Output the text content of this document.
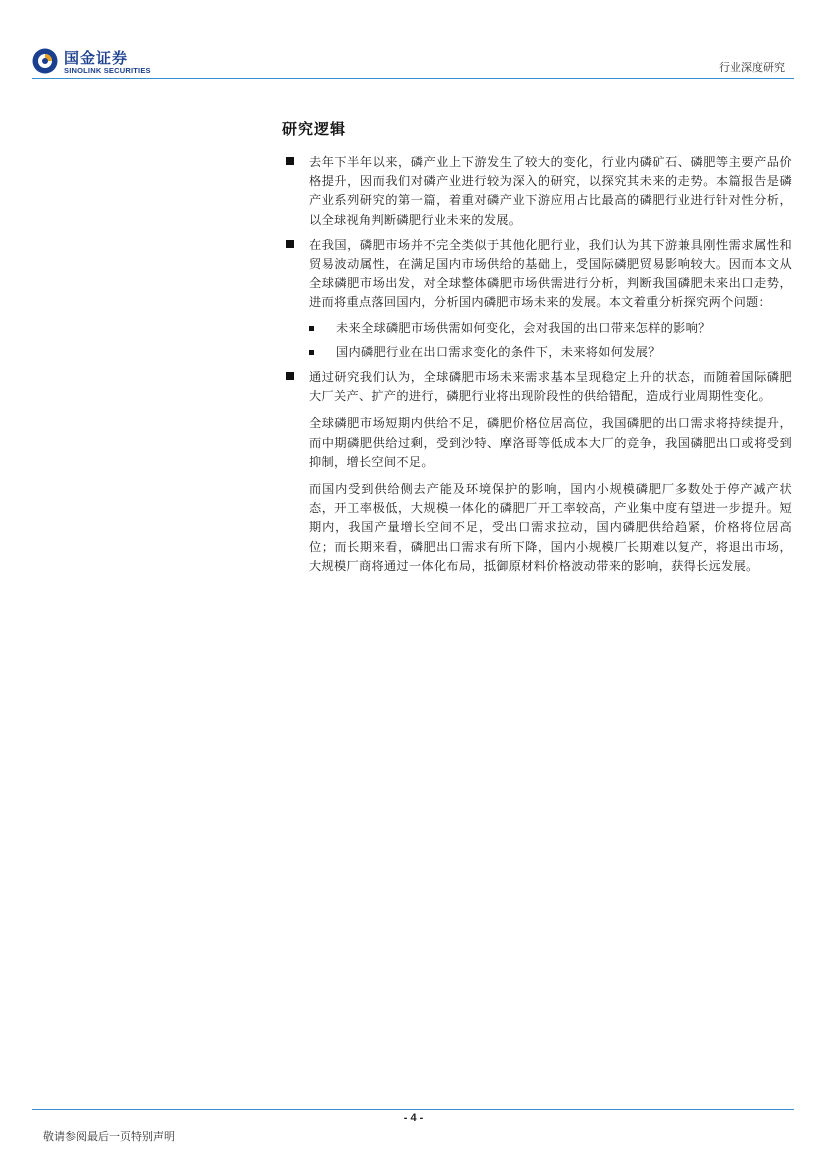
国金证券
SINOLINK SECURITIES	行业深度研究
研究逻辑

去年下半年以来，磷产业上下游发生了较大的变化，行业内磷矿石、磷肥等主要产品价格提升，因而我们对磷产业进行较为深入的研究，以探究其未来的走势。本篇报告是磷产业系列研究的第一篇，着重对磷产业下游应用占比最高的磷肥行业进行针对性分析，以全球视角判断磷肥行业未来的发展。

在我国，磷肥市场并不完全类似于其他化肥行业，我们认为其下游兼具刚性需求属性和贸易波动属性，在满足国内市场供给的基础上，受国际磷肥贸易影响较大。因而本文从全球磷肥市场出发，对全球整体磷肥市场供需进行分析，判断我国磷肥未来出口走势，进而将重点落回国内，分析国内磷肥市场未来的发展。本文着重分析探究两个问题：

未来全球磷肥市场供需如何变化，会对我国的出口带来怎样的影响？
国内磷肥行业在出口需求变化的条件下，未来将如何发展？

通过研究我们认为，全球磷肥市场未来需求基本呈现稳定上升的状态，而随着国际磷肥大厂关产、扩产的进行，磷肥行业将出现阶段性的供给错配，造成行业周期性变化。

全球磷肥市场短期内供给不足，磷肥价格位居高位，我国磷肥的出口需求将持续提升，而中期磷肥供给过剩，受到沙特、摩洛哥等低成本大厂的竞争，我国磷肥出口或将受到抑制，增长空间不足。

而国内受到供给侧去产能及环境保护的影响，国内小规模磷肥厂多数处于停产减产状态，开工率极低，大规模一体化的磷肥厂开工率较高，产业集中度有望进一步提升。短期内，我国产量增长空间不足，受出口需求拉动，国内磷肥供给趋紧，价格将位居高位；而长期来看，磷肥出口需求有所下降，国内小规模厂长期难以复产，将退出市场，大规模厂商将通过一体化布局，抵御原材料价格波动带来的影响，获得长远发展。

- 4 -
敬请参阅最后一页特别声明
